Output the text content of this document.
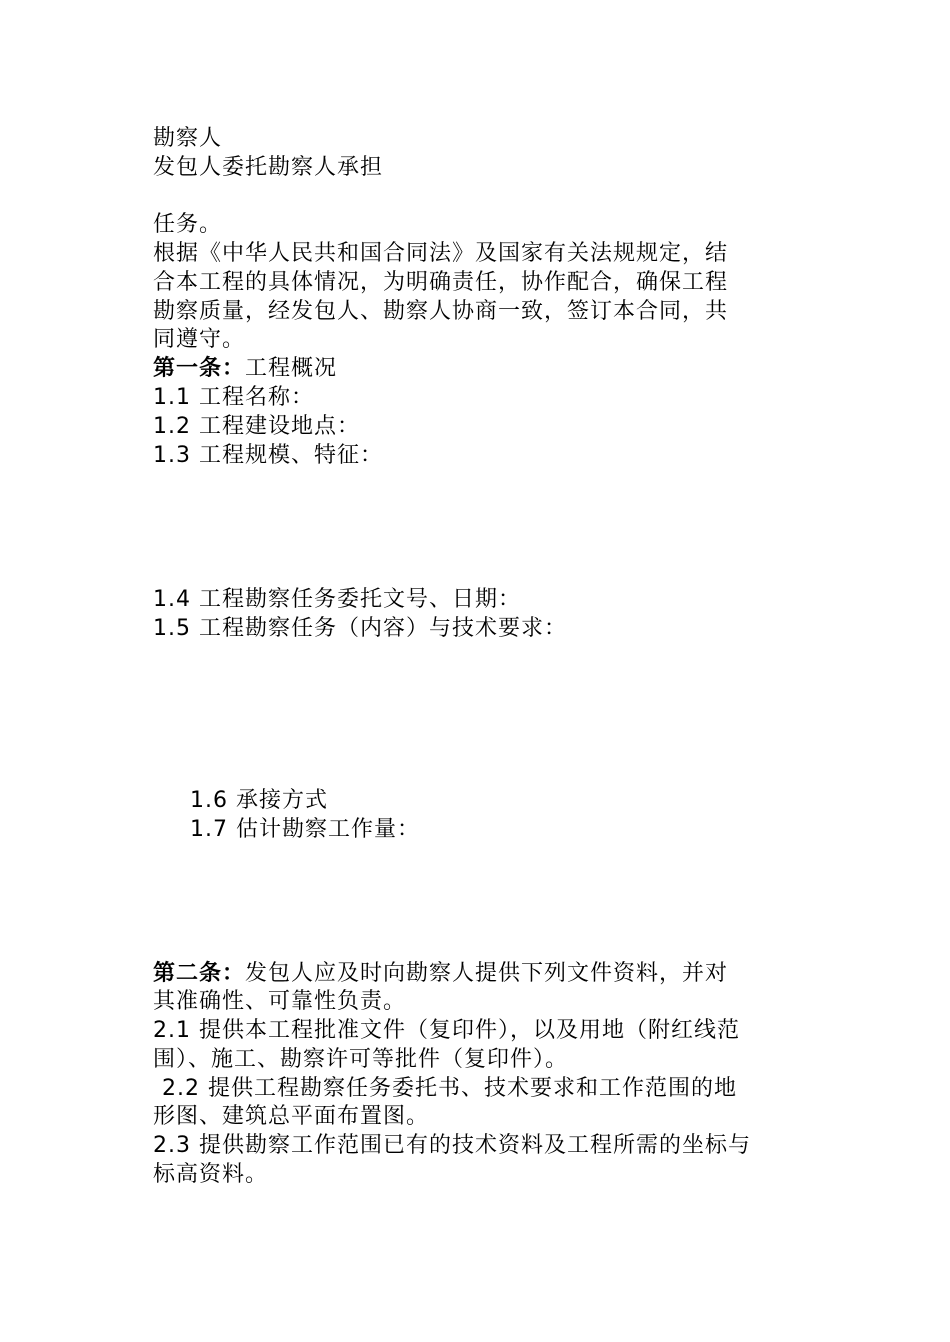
勘察人
发包人委托勘察人承担
任务。
根据《中华人民共和国合同法》及国家有关法规规定，结
合本工程的具体情况，为明确责任，协作配合，确保工程
勘察质量，经发包人、勘察人协商一致，签订本合同，共
同遵守。
第一条：工程概况
1.1 工程名称：
1.2 工程建设地点：
1.3 工程规模、特征：
1.4 工程勘察任务委托文号、日期：
1.5 工程勘察任务（内容）与技术要求：
1.6 承接方式
1.7 估计勘察工作量：
第二条：发包人应及时向勘察人提供下列文件资料，并对
其准确性、可靠性负责。
2.1 提供本工程批准文件（复印件），以及用地（附红线范
围）、施工、勘察许可等批件（复印件）。
2.2 提供工程勘察任务委托书、技术要求和工作范围的地
形图、建筑总平面布置图。
2.3 提供勘察工作范围已有的技术资料及工程所需的坐标与
标高资料。
